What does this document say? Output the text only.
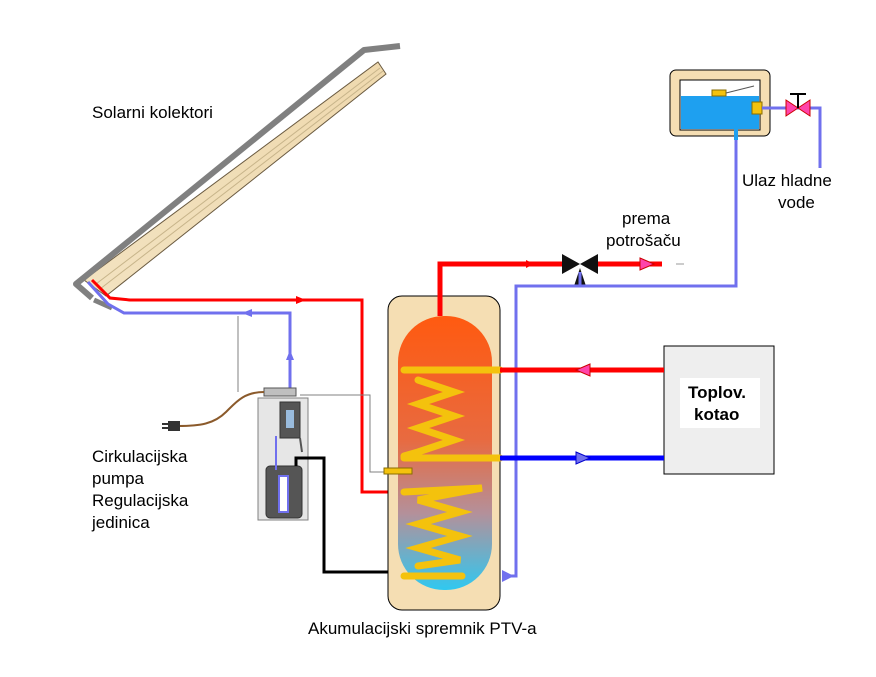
Solarni kolektori
Cirkulacijska
pumpa
Regulacijska
jedinica
Akumulacijski spremnik PTV-a
prema
potrošaču
Ulaz hladne
vode
Toplov.
kotao
